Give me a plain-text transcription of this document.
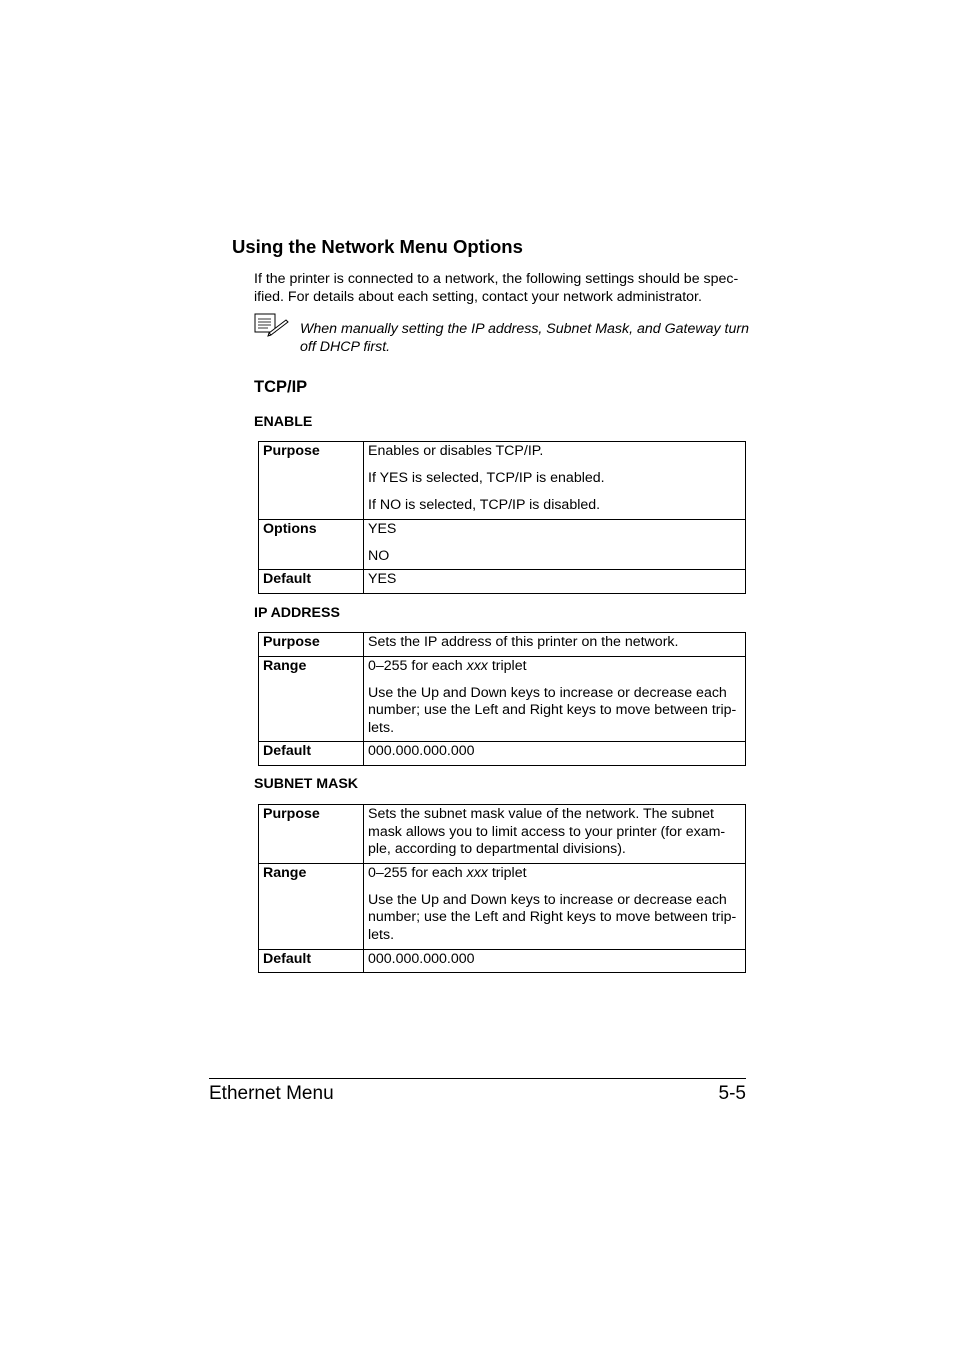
Using the Network Menu Options
If the printer is connected to a network, the following settings should be spec-ified. For details about each setting, contact your network administrator.
When manually setting the IP address, Subnet Mask, and Gateway turn off DHCP first.
TCP/IP
ENABLE
Purpose	Enables or disables TCP/IP.

If YES is selected, TCP/IP is enabled.

If NO is selected, TCP/IP is disabled.

Options	YES

NO

Default	YES
IP ADDRESS
Purpose	Sets the IP address of this printer on the network.
Range	0–255 for each xxx triplet

Use the Up and Down keys to increase or decrease each number; use the Left and Right keys to move between trip-lets.

Default	000.000.000.000
SUBNET MASK
Purpose	Sets the subnet mask value of the network. The subnet mask allows you to limit access to your printer (for exam-ple, according to departmental divisions).
Range	0–255 for each xxx triplet

Use the Up and Down keys to increase or decrease each number; use the Left and Right keys to move between trip-lets.

Default	000.000.000.000
Ethernet Menu	5-5
